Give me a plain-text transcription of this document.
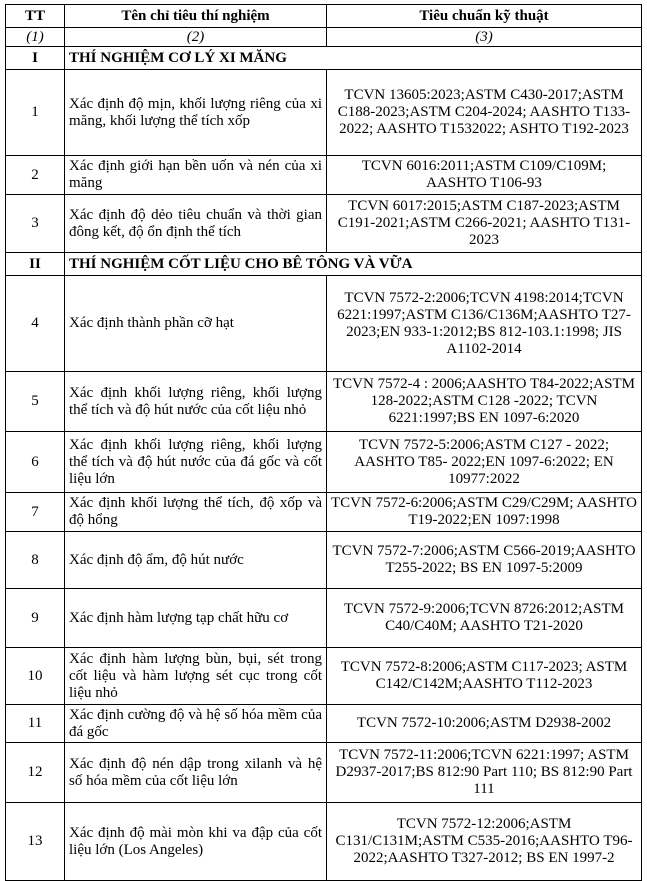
TT	Tên chỉ tiêu thí nghiệm	Tiêu chuẩn kỹ thuật
(1)	(2)	(3)
I	THÍ NGHIỆM CƠ LÝ XI MĂNG	
1	Xác định độ mịn, khối lượng riêng của xi măng, khối lượng thể tích xốp	TCVN 13605:2023;ASTM C430-2017;ASTM C188-2023;ASTM C204-2024; AASHTO T133-2022; AASHTO T1532022; ASHTO T192-2023
2	Xác định giới hạn bền uốn và nén của xi măng	TCVN 6016:2011;ASTM C109/C109M; AASHTO T106-93
3	Xác định độ dẻo tiêu chuẩn và thời gian đông kết, độ ổn định thể tích	TCVN 6017:2015;ASTM C187-2023;ASTM C191-2021;ASTM C266-2021; AASHTO T131-2023
II	THÍ NGHIỆM CỐT LIỆU CHO BÊ TÔNG VÀ VỮA	
4	Xác định thành phần cỡ hạt	TCVN 7572-2:2006;TCVN 4198:2014;TCVN 6221:1997;ASTM C136/C136M;AASHTO T27-2023;EN 933-1:2012;BS 812-103.1:1998; JIS A1102-2014
5	Xác định khối lượng riêng, khối lượng thể tích và độ hút nước của cốt liệu nhỏ	TCVN 7572-4 : 2006;AASHTO T84-2022;ASTM 128-2022;ASTM C128 -2022; TCVN 6221:1997;BS EN 1097-6:2020
6	Xác định khối lượng riêng, khối lượng thể tích và độ hút nước của đá gốc và cốt liệu lớn	TCVN 7572-5:2006;ASTM C127 - 2022; AASHTO T85- 2022;EN 1097-6:2022; EN 10977:2022
7	Xác định khối lượng thể tích, độ xốp và độ hổng	TCVN 7572-6:2006;ASTM C29/C29M; AASHTO T19-2022;EN 1097:1998
8	Xác định độ ẩm, độ hút nước	TCVN 7572-7:2006;ASTM C566-2019;AASHTO T255-2022; BS EN 1097-5:2009
9	Xác định hàm lượng tạp chất hữu cơ	TCVN 7572-9:2006;TCVN 8726:2012;ASTM C40/C40M; AASHTO T21-2020
10	Xác định hàm lượng bùn, bụi, sét trong cốt liệu và hàm lượng sét cục trong cốt liệu nhỏ	TCVN 7572-8:2006;ASTM C117-2023; ASTM C142/C142M;AASHTO T112-2023
11	Xác định cường độ và hệ số hóa mềm của đá gốc	TCVN 7572-10:2006;ASTM D2938-2002
12	Xác định độ nén dập trong xilanh và hệ số hóa mềm của cốt liệu lớn	TCVN 7572-11:2006;TCVN 6221:1997; ASTM D2937-2017;BS 812:90 Part 110; BS 812:90 Part 111
13	Xác định độ mài mòn khi va đập của cốt liệu lớn (Los Angeles)	TCVN 7572-12:2006;ASTM C131/C131M;ASTM C535-2016;AASHTO T96-2022;AASHTO T327-2012; BS EN 1997-2
